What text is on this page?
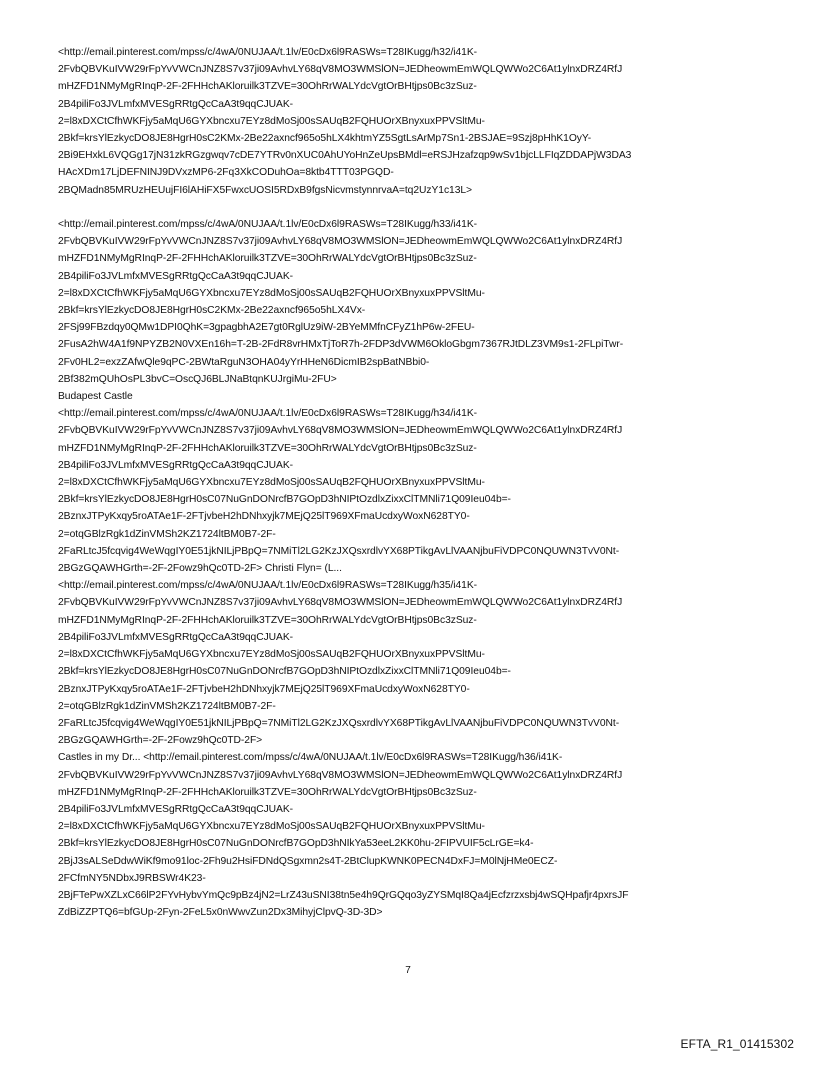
<http://email.pinterest.com/mpss/c/4wA/0NUJAA/t.1lv/E0cDx6l9RASWs=T28IKugg/h32/i41K-
2FvbQBVKuIVW29rFpYvVWCnJNZ8S7v37ji09AvhvLY68qV8MO3WMSlON=JEDheowmEmWQLQWWo2C6At1ylnxDRZ4RfJ
mHZFD1NMyMgRInqP-2F-2FHHchAKloruilk3TZVE=30OhRrWALYdcVgtOrBHtjps0Bc3zSuz-
2B4piliFo3JVLmfxMVESgRRtgQcCaA3t9qqCJUAK-
2=l8xDXCtCfhWKFjy5aMqU6GYXbncxu7EYz8dMoSj00sSAUqB2FQHUOrXBnyxuxPPVSltMu-
2Bkf=krsYlEzkycDO8JE8HgrH0sC2KMx-2Be22axncf965o5hLX4khtmYZ5SgtLsArMp7Sn1-2BSJAE=9Szj8pHhK1OyY-
2Bi9EHxkL6VQGg17jN31zkRGzgwqv7cDE7YTRv0nXUC0AhUYoHnZeUpsBMdl=eRSJHzafzqp9wSv1bjcLLFIqZDDAPjW3DA3
HAcXDm17LjDEFNINJ9DVxzMP6-2Fq3XkCODuhOa=8ktb4TTT03PGQD-
2BQMadn85MRUzHEUujFI6lAHiFX5FwxcUOSI5RDxB9fgsNicvmstynnrvaA=tq2UzY1c13L>
<http://email.pinterest.com/mpss/c/4wA/0NUJAA/t.1lv/E0cDx6l9RASWs=T28IKugg/h33/i41K-
2FvbQBVKuIVW29rFpYvVWCnJNZ8S7v37ji09AvhvLY68qV8MO3WMSlON=JEDheowmEmWQLQWWo2C6At1ylnxDRZ4RfJ
mHZFD1NMyMgRInqP-2F-2FHHchAKloruilk3TZVE=30OhRrWALYdcVgtOrBHtjps0Bc3zSuz-
2B4piliFo3JVLmfxMVESgRRtgQcCaA3t9qqCJUAK-
2=l8xDXCtCfhWKFjy5aMqU6GYXbncxu7EYz8dMoSj00sSAUqB2FQHUOrXBnyxuxPPVSltMu-
2Bkf=krsYlEzkycDO8JE8HgrH0sC2KMx-2Be22axncf965o5hLX4Vx-
2FSj99FBzdqy0QMw1DPI0QhK=3gpagbhA2E7gt0RglUz9iW-2BYeMMfnCFyZ1hP6w-2FEU-
2FusA2hW4A1f9NPYZB2N0VXEn16h=T-2B-2FdR8vrHMxTjToR7h-2FDP3dVWM6OkloGbgm7367RJtDLZ3VM9s1-2FLpiTwr-
2Fv0HL2=exzZAfwQle9qPC-2BWtaRguN3OHA04yYrHHeN6DicmIB2spBatNBbi0-
2Bf382mQUhOsPL3bvC=OscQJ6BLJNaBtqnKUJrgiMu-2FU>
Budapest Castle
<http://email.pinterest.com/mpss/c/4wA/0NUJAA/t.1lv/E0cDx6l9RASWs=T28IKugg/h34/i41K-
2FvbQBVKuIVW29rFpYvVWCnJNZ8S7v37ji09AvhvLY68qV8MO3WMSlON=JEDheowmEmWQLQWWo2C6At1ylnxDRZ4RfJ
mHZFD1NMyMgRInqP-2F-2FHHchAKloruilk3TZVE=30OhRrWALYdcVgtOrBHtjps0Bc3zSuz-
2B4piliFo3JVLmfxMVESgRRtgQcCaA3t9qqCJUAK-
2=l8xDXCtCfhWKFjy5aMqU6GYXbncxu7EYz8dMoSj00sSAUqB2FQHUOrXBnyxuxPPVSltMu-
2Bkf=krsYlEzkycDO8JE8HgrH0sC07NuGnDONrcfB7GOpD3hNIPtOzdlxZixxClTMNli71Q09Ieu04b=-
2BznxJTPyKxqy5roATAe1F-2FTjvbeH2hDNhxyjk7MEjQ25lT969XFmaUcdxyWoxN628TY0-
2=otqGBlzRgk1dZinVMSh2KZ1724ltBM0B7-2F-
2FaRLtcJ5fcqvig4WeWqgIY0E51jkNILjPBpQ=7NMiTl2LG2KzJXQsxrdlvYX68PTikgAvLlVAANjbuFiVDPC0NQUWN3TvV0Nt-
2BGzGQAWHGrth=-2F-2Fowz9hQc0TD-2F> Christi Flyn= (L...
<http://email.pinterest.com/mpss/c/4wA/0NUJAA/t.1lv/E0cDx6l9RASWs=T28IKugg/h35/i41K-
2FvbQBVKuIVW29rFpYvVWCnJNZ8S7v37ji09AvhvLY68qV8MO3WMSlON=JEDheowmEmWQLQWWo2C6At1ylnxDRZ4RfJ
mHZFD1NMyMgRInqP-2F-2FHHchAKloruilk3TZVE=30OhRrWALYdcVgtOrBHtjps0Bc3zSuz-
2B4piliFo3JVLmfxMVESgRRtgQcCaA3t9qqCJUAK-
2=l8xDXCtCfhWKFjy5aMqU6GYXbncxu7EYz8dMoSj00sSAUqB2FQHUOrXBnyxuxPPVSltMu-
2Bkf=krsYlEzkycDO8JE8HgrH0sC07NuGnDONrcfB7GOpD3hNIPtOzdlxZixxClTMNli71Q09Ieu04b=-
2BznxJTPyKxqy5roATAe1F-2FTjvbeH2hDNhxyjk7MEjQ25lT969XFmaUcdxyWoxN628TY0-
2=otqGBlzRgk1dZinVMSh2KZ1724ltBM0B7-2F-
2FaRLtcJ5fcqvig4WeWqgIY0E51jkNILjPBpQ=7NMiTl2LG2KzJXQsxrdlvYX68PTikgAvLlVAANjbuFiVDPC0NQUWN3TvV0Nt-
2BGzGQAWHGrth=-2F-2Fowz9hQc0TD-2F>
Castles in my Dr... <http://email.pinterest.com/mpss/c/4wA/0NUJAA/t.1lv/E0cDx6l9RASWs=T28IKugg/h36/i41K-
2FvbQBVKuIVW29rFpYvVWCnJNZ8S7v37ji09AvhvLY68qV8MO3WMSlON=JEDheowmEmWQLQWWo2C6At1ylnxDRZ4RfJ
mHZFD1NMyMgRInqP-2F-2FHHchAKloruilk3TZVE=30OhRrWALYdcVgtOrBHtjps0Bc3zSuz-
2B4piliFo3JVLmfxMVESgRRtgQcCaA3t9qqCJUAK-
2=l8xDXCtCfhWKFjy5aMqU6GYXbncxu7EYz8dMoSj00sSAUqB2FQHUOrXBnyxuxPPVSltMu-
2Bkf=krsYlEzkycDO8JE8HgrH0sC07NuGnDONrcfB7GOpD3hNIkYa53eeL2KK0hu-2FIPVUIF5cLrGE=k4-
2BjJ3sALSeDdwWiKf9mo91loc-2Fh9u2HsiFDNdQSgxmn2s4T-2BtClupKWNK0PECN4DxFJ=M0lNjHMe0ECZ-
2FCfmNY5NDbxJ9RBSWr4K23-
2BjFTePwXZLxC66lP2FYvHybvYmQc9pBz4jN2=LrZ43uSNI38tn5e4h9QrGQqo3yZYSMqI8Qa4jEcfzrzxsbj4wSQHpafjr4pxrsJF
ZdBiZZPTQ6=bfGUp-2Fyn-2FeL5x0nWwvZun2Dx3MihyjClpvQ-3D-3D>
7
EFTA_R1_01415302
